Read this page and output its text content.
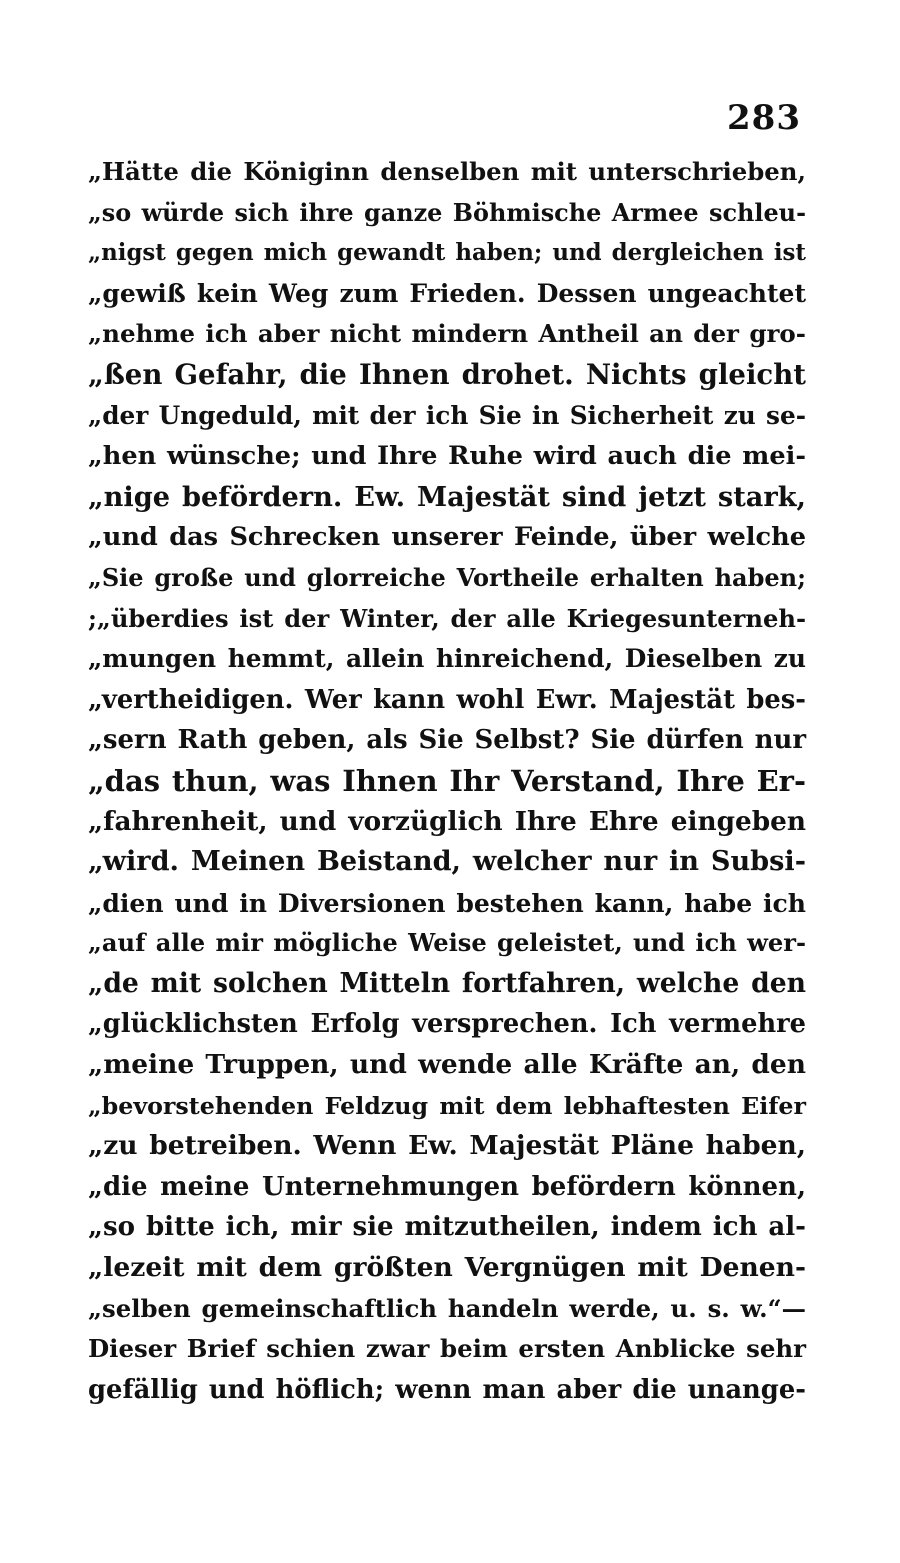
283
„Hätte die Königinn denselben mit unterschrieben,
„so würde sich ihre ganze Böhmische Armee schleu-
„nigst gegen mich gewandt haben; und dergleichen ist
„gewiß kein Weg zum Frieden. Dessen ungeachtet
„nehme ich aber nicht mindern Antheil an der gro-
„ßen Gefahr, die Ihnen drohet. Nichts gleicht
„der Ungeduld, mit der ich Sie in Sicherheit zu se-
„hen wünsche; und Ihre Ruhe wird auch die mei-
„nige befördern. Ew. Majestät sind jetzt stark,
„und das Schrecken unserer Feinde, über welche
„Sie große und glorreiche Vortheile erhalten haben;
;„überdies ist der Winter, der alle Kriegesunterneh-
„mungen hemmt, allein hinreichend, Dieselben zu
„vertheidigen. Wer kann wohl Ewr. Majestät bes-
„sern Rath geben, als Sie Selbst? Sie dürfen nur
„das thun, was Ihnen Ihr Verstand, Ihre Er-
„fahrenheit, und vorzüglich Ihre Ehre eingeben
„wird. Meinen Beistand, welcher nur in Subsi-
„dien und in Diversionen bestehen kann, habe ich
„auf alle mir mögliche Weise geleistet, und ich wer-
„de mit solchen Mitteln fortfahren, welche den
„glücklichsten Erfolg versprechen. Ich vermehre
„meine Truppen, und wende alle Kräfte an, den
„bevorstehenden Feldzug mit dem lebhaftesten Eifer
„zu betreiben. Wenn Ew. Majestät Pläne haben,
„die meine Unternehmungen befördern können,
„so bitte ich, mir sie mitzutheilen, indem ich al-
„lezeit mit dem größten Vergnügen mit Denen-
„selben gemeinschaftlich handeln werde, u. s. w.“—
Dieser Brief schien zwar beim ersten Anblicke sehr
gefällig und höflich; wenn man aber die unange-
